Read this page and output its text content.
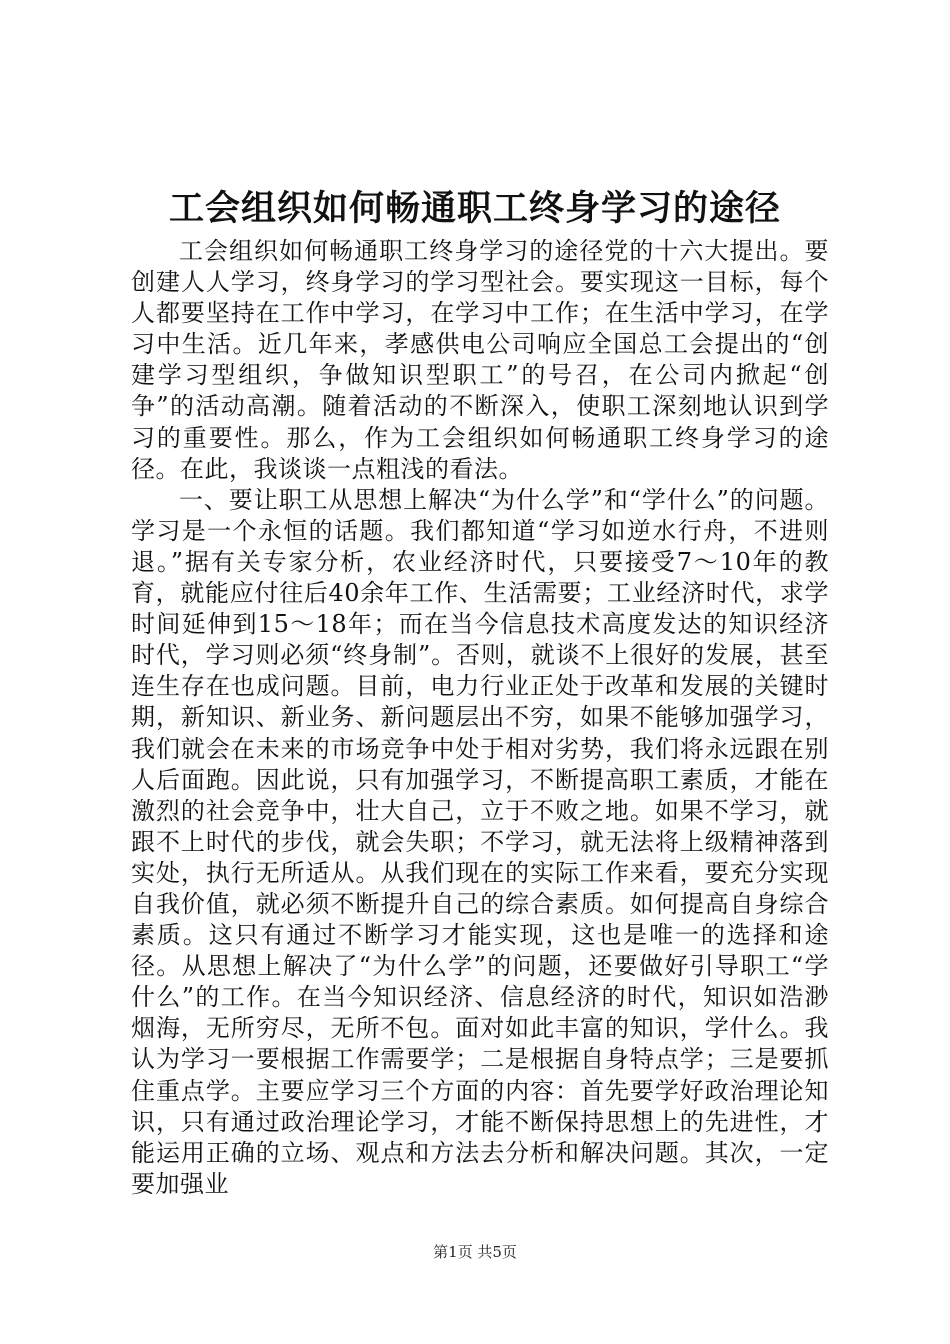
工会组织如何畅通职工终身学习的途径

工会组织如何畅通职工终身学习的途径党的十六大提出。要创建人人学习，终身学习的学习型社会。要实现这一目标，每个人都要坚持在工作中学习，在学习中工作；在生活中学习，在学习中生活。近几年来，孝感供电公司响应全国总工会提出的“创建学习型组织，争做知识型职工”的号召，在公司内掀起“创争”的活动高潮。随着活动的不断深入，使职工深刻地认识到学习的重要性。那么，作为工会组织如何畅通职工终身学习的途径。在此，我谈谈一点粗浅的看法。

一、要让职工从思想上解决“为什么学”和“学什么”的问题。学习是一个永恒的话题。我们都知道“学习如逆水行舟，不进则退。”据有关专家分析，农业经济时代，只要接受7～10年的教育，就能应付往后40余年工作、生活需要；工业经济时代，求学时间延伸到15～18年；而在当今信息技术高度发达的知识经济时代，学习则必须“终身制”。否则，就谈不上很好的发展，甚至连生存在也成问题。目前，电力行业正处于改革和发展的关键时期，新知识、新业务、新问题层出不穷，如果不能够加强学习，我们就会在未来的市场竞争中处于相对劣势，我们将永远跟在别人后面跑。因此说，只有加强学习，不断提高职工素质，才能在激烈的社会竞争中，壮大自己，立于不败之地。如果不学习，就跟不上时代的步伐，就会失职；不学习，就无法将上级精神落到实处，执行无所适从。从我们现在的实际工作来看，要充分实现自我价值，就必须不断提升自己的综合素质。如何提高自身综合素质。这只有通过不断学习才能实现，这也是唯一的选择和途径。从思想上解决了“为什么学”的问题，还要做好引导职工“学什么”的工作。在当今知识经济、信息经济的时代，知识如浩渺烟海，无所穷尽，无所不包。面对如此丰富的知识，学什么。我认为学习一要根据工作需要学；二是根据自身特点学；三是要抓住重点学。主要应学习三个方面的内容：首先要学好政治理论知识，只有通过政治理论学习，才能不断保持思想上的先进性，才能运用正确的立场、观点和方法去分析和解决问题。其次，一定要加强业

第1页 共5页
